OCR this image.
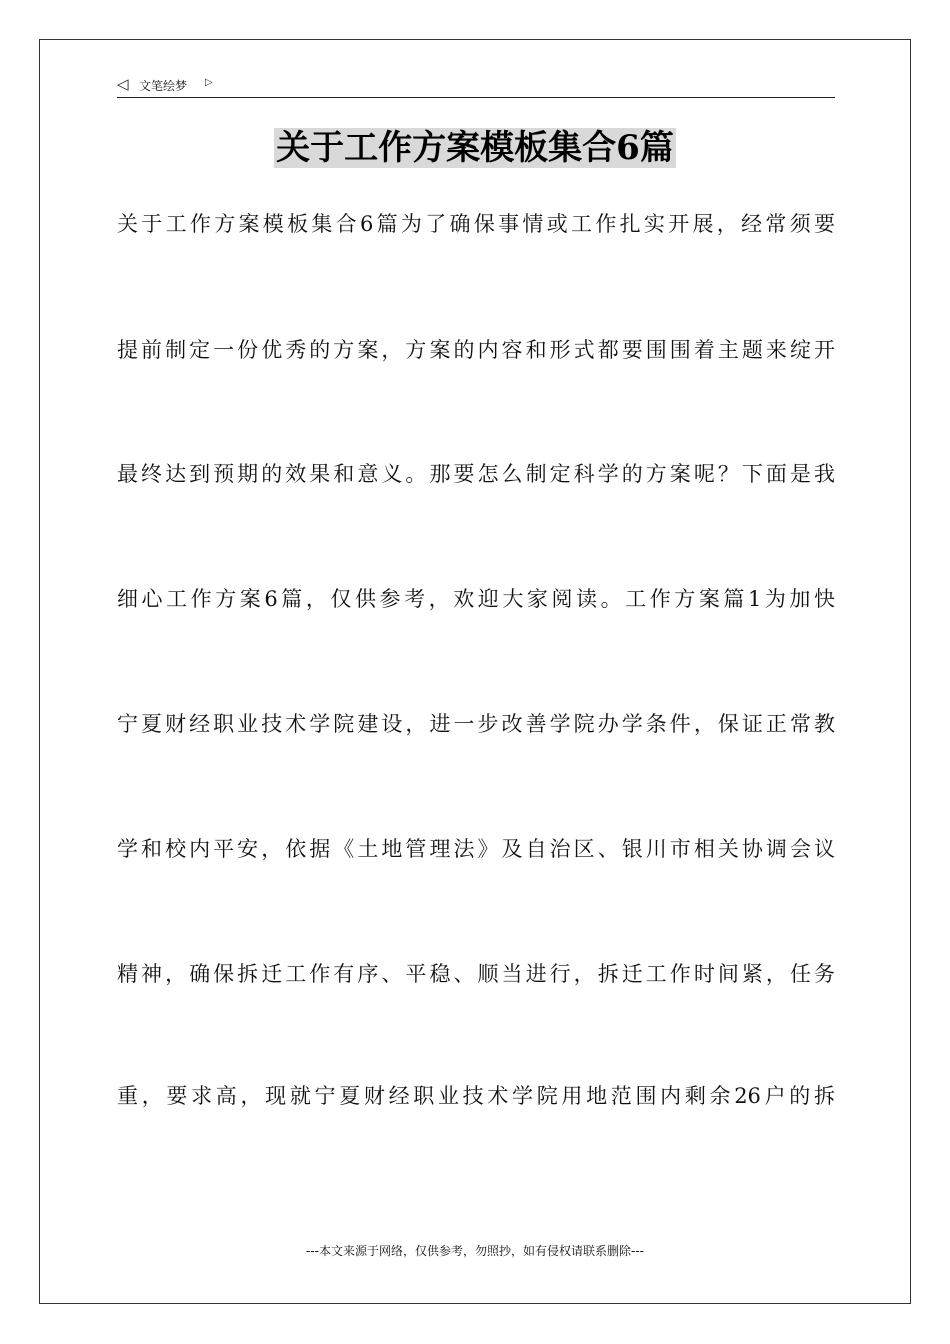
◁ 文笔绘梦 ▷
关于工作方案模板集合6篇
关于工作方案模板集合6篇为了确保事情或工作扎实开展，经常须要
提前制定一份优秀的方案，方案的内容和形式都要围围着主题来绽开
最终达到预期的效果和意义。那要怎么制定科学的方案呢？下面是我
细心工作方案6篇，仅供参考，欢迎大家阅读。工作方案篇1为加快
宁夏财经职业技术学院建设，进一步改善学院办学条件，保证正常教
学和校内平安，依据《土地管理法》及自治区、银川市相关协调会议
精神，确保拆迁工作有序、平稳、顺当进行，拆迁工作时间紧，任务
重，要求高，现就宁夏财经职业技术学院用地范围内剩余26户的拆
---本文来源于网络，仅供参考，勿照抄，如有侵权请联系删除---
